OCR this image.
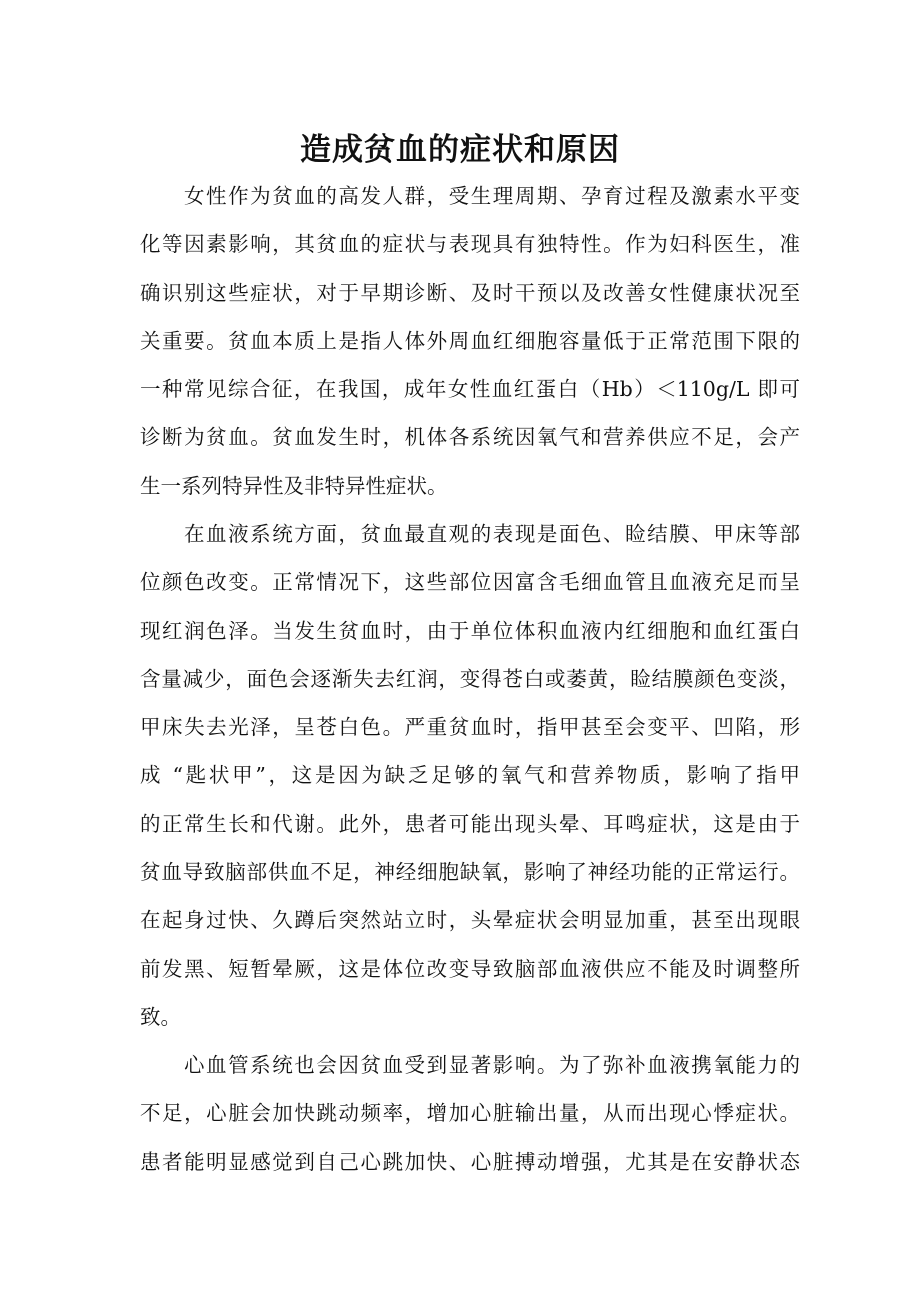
造成贫血的症状和原因
女性作为贫血的高发人群，受生理周期、孕育过程及激素水平变
化等因素影响，其贫血的症状与表现具有独特性。作为妇科医生，准
确识别这些症状，对于早期诊断、及时干预以及改善女性健康状况至
关重要。贫血本质上是指人体外周血红细胞容量低于正常范围下限的
一种常见综合征，在我国，成年女性血红蛋白（Hb）＜110g/L 即可
诊断为贫血。贫血发生时，机体各系统因氧气和营养供应不足，会产
生一系列特异性及非特异性症状。
在血液系统方面，贫血最直观的表现是面色、睑结膜、甲床等部
位颜色改变。正常情况下，这些部位因富含毛细血管且血液充足而呈
现红润色泽。当发生贫血时，由于单位体积血液内红细胞和血红蛋白
含量减少，面色会逐渐失去红润，变得苍白或萎黄，睑结膜颜色变淡，
甲床失去光泽，呈苍白色。严重贫血时，指甲甚至会变平、凹陷，形
成 “匙状甲”，这是因为缺乏足够的氧气和营养物质，影响了指甲
的正常生长和代谢。此外，患者可能出现头晕、耳鸣症状，这是由于
贫血导致脑部供血不足，神经细胞缺氧，影响了神经功能的正常运行。
在起身过快、久蹲后突然站立时，头晕症状会明显加重，甚至出现眼
前发黑、短暂晕厥，这是体位改变导致脑部血液供应不能及时调整所
致。
心血管系统也会因贫血受到显著影响。为了弥补血液携氧能力的
不足，心脏会加快跳动频率，增加心脏输出量，从而出现心悸症状。
患者能明显感觉到自己心跳加快、心脏搏动增强，尤其是在安静状态
